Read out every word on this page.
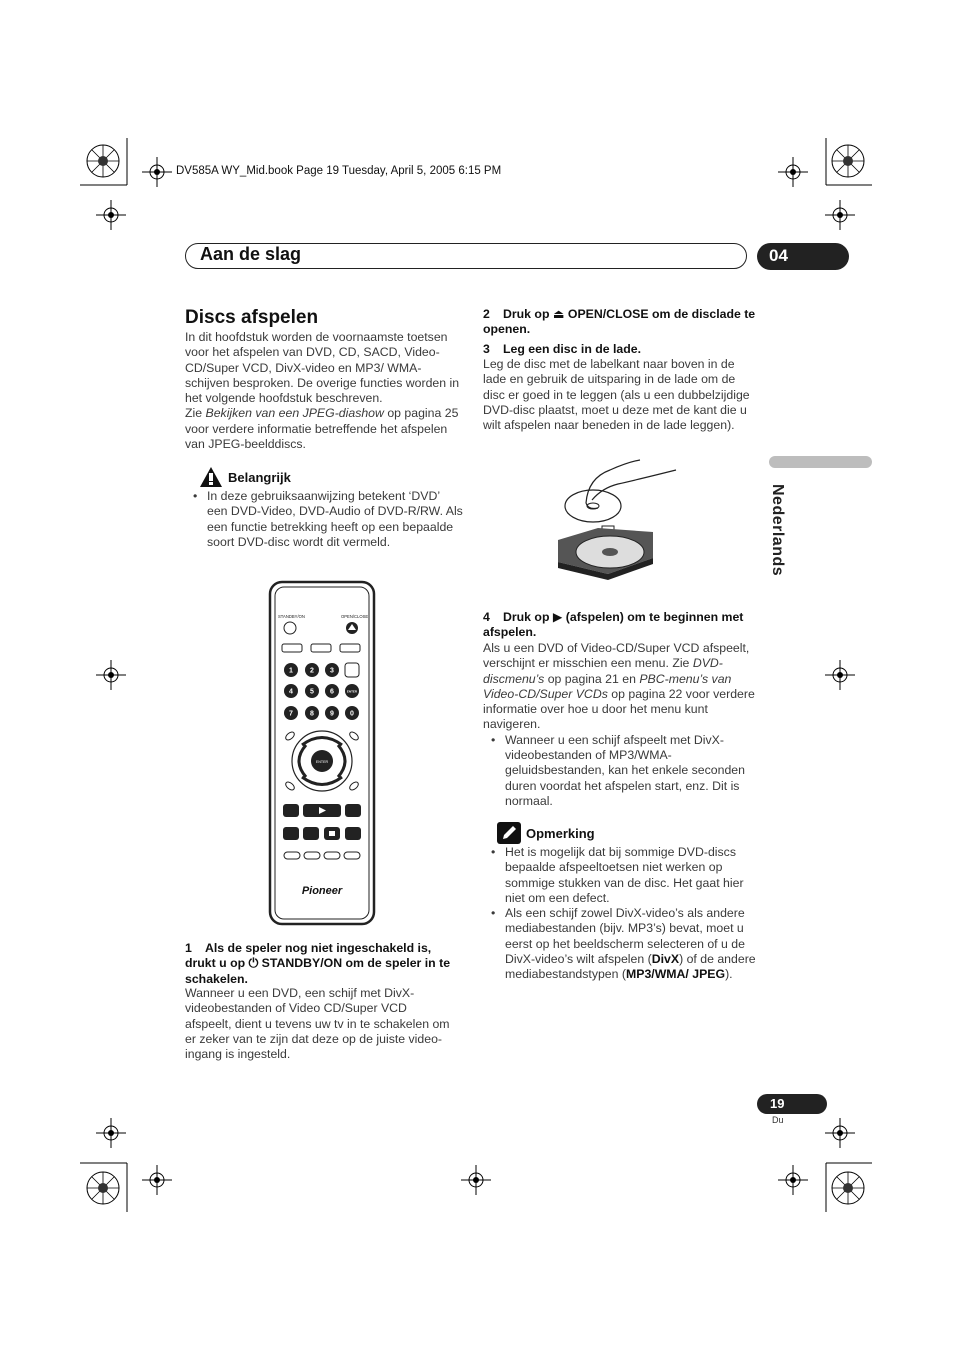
DV585A WY_Mid.book Page 19 Tuesday, April 5, 2005 6:15 PM
Aan de slag	04
Nederlands
Discs afspelen

In dit hoofdstuk worden de voornaamste toetsen voor het afspelen van DVD, CD, SACD, Video-CD/Super VCD, DivX-video en MP3/ WMA-schijven besproken. De overige functies worden in het volgende hoofdstuk beschreven.

Zie Bekijken van een JPEG-diashow op pagina 25 voor verdere informatie betreffende het afspelen van JPEG-beelddiscs.

Belangrijk
• In deze gebruiksaanwijzing betekent ‘DVD’ een DVD-Video, DVD-Audio of DVD-R/RW. Als een functie betrekking heeft op een bepaalde soort DVD-disc wordt dit vermeld.
STANDBY/ON	OPEN/CLOSE
1 2 3
4 5 6	ENTER
7 8 9 0
ENTER
Pioneer
1 Als de speler nog niet ingeschakeld is, drukt u op ⏻ STANDBY/ON om de speler in te schakelen.
Wanneer u een DVD, een schijf met DivX-videobestanden of Video CD/Super VCD afspeelt, dient u tevens uw tv in te schakelen om er zeker van te zijn dat deze op de juiste video-ingang is ingesteld.
2 Druk op ⏏ OPEN/CLOSE om de disclade te openen.
3 Leg een disc in de lade.
Leg de disc met de labelkant naar boven in de lade en gebruik de uitsparing in de lade om de disc er goed in te leggen (als u een dubbelzijdige DVD-disc plaatst, moet u deze met de kant die u wilt afspelen naar beneden in de lade leggen).
4 Druk op ▶ (afspelen) om te beginnen met afspelen.

Als u een DVD of Video-CD/Super VCD afspeelt, verschijnt er misschien een menu. Zie DVD-discmenu’s op pagina 21 en PBC-menu’s van Video-CD/Super VCDs op pagina 22 voor verdere informatie over hoe u door het menu kunt navigeren.

• Wanneer u een schijf afspeelt met DivX-videobestanden of MP3/WMA-geluidsbestanden, kan het enkele seconden duren voordat het afspelen start, enz. Dit is normaal.
Opmerking
• Het is mogelijk dat bij sommige DVD-discs bepaalde afspeeltoetsen niet werken op sommige stukken van de disc. Het gaat hier niet om een defect.
• Als een schijf zowel DivX-video’s als andere mediabestanden (bijv. MP3’s) bevat, moet u eerst op het beeldscherm selecteren of u de DivX-video’s wilt afspelen (DivX) of de andere mediabestandstypen (MP3/WMA/ JPEG).
19
Du
